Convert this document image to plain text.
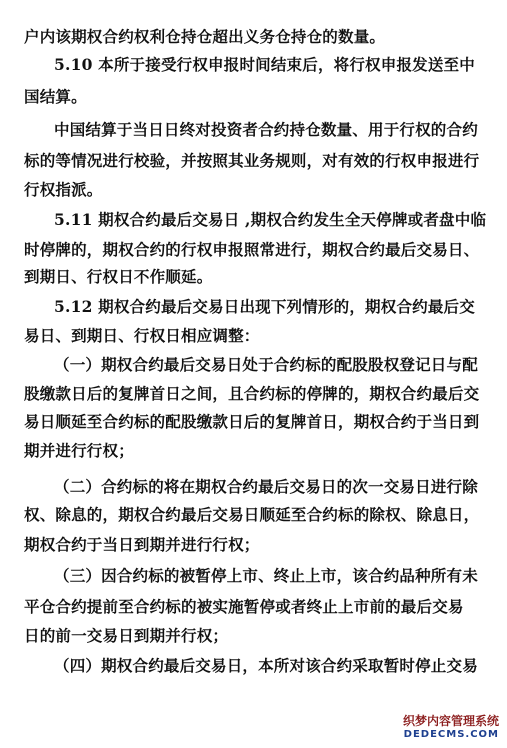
户内该期权合约权利仓持仓超出义务仓持仓的数量。
5.10 本所于接受行权申报时间结束后，将行权申报发送至中
国结算。
中国结算于当日日终对投资者合约持仓数量、用于行权的合约
标的等情况进行校验，并按照其业务规则，对有效的行权申报进行
行权指派。
5.11 期权合约最后交易日 ,期权合约发生全天停牌或者盘中临
时停牌的，期权合约的行权申报照常进行，期权合约最后交易日、
到期日、行权日不作顺延。
5.12 期权合约最后交易日出现下列情形的，期权合约最后交
易日、到期日、行权日相应调整：
（一）期权合约最后交易日处于合约标的配股股权登记日与配
股缴款日后的复牌首日之间，且合约标的停牌的，期权合约最后交
易日顺延至合约标的配股缴款日后的复牌首日，期权合约于当日到
期并进行行权；
（二）合约标的将在期权合约最后交易日的次一交易日进行除
权、除息的，期权合约最后交易日顺延至合约标的除权、除息日，
期权合约于当日到期并进行行权；
（三）因合约标的被暂停上市、终止上市，该合约品种所有未
平仓合约提前至合约标的被实施暂停或者终止上市前的最后交易
日的前一交易日到期并行权；
（四）期权合约最后交易日，本所对该合约采取暂时停止交易
织梦内容管理系统
DEDECMS.COM
